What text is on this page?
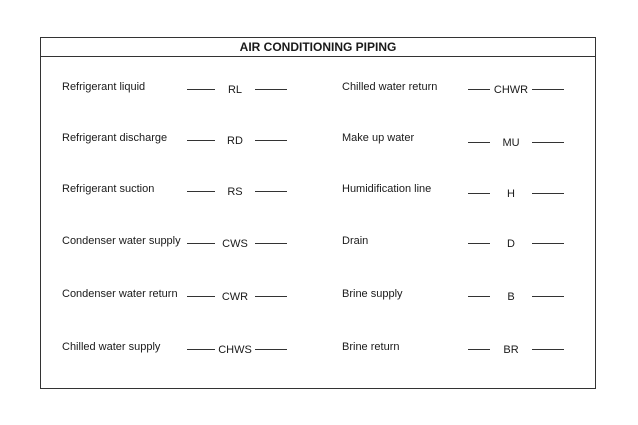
AIR CONDITIONING PIPING
Refrigerant liquid	RL
Refrigerant discharge	RD
Refrigerant suction	RS
Condenser water supply	CWS
Condenser water return	CWR
Chilled water supply	CHWS
Chilled water return	CHWR
Make up water	MU
Humidification line	H
Drain	D
Brine supply	B
Brine return	BR
